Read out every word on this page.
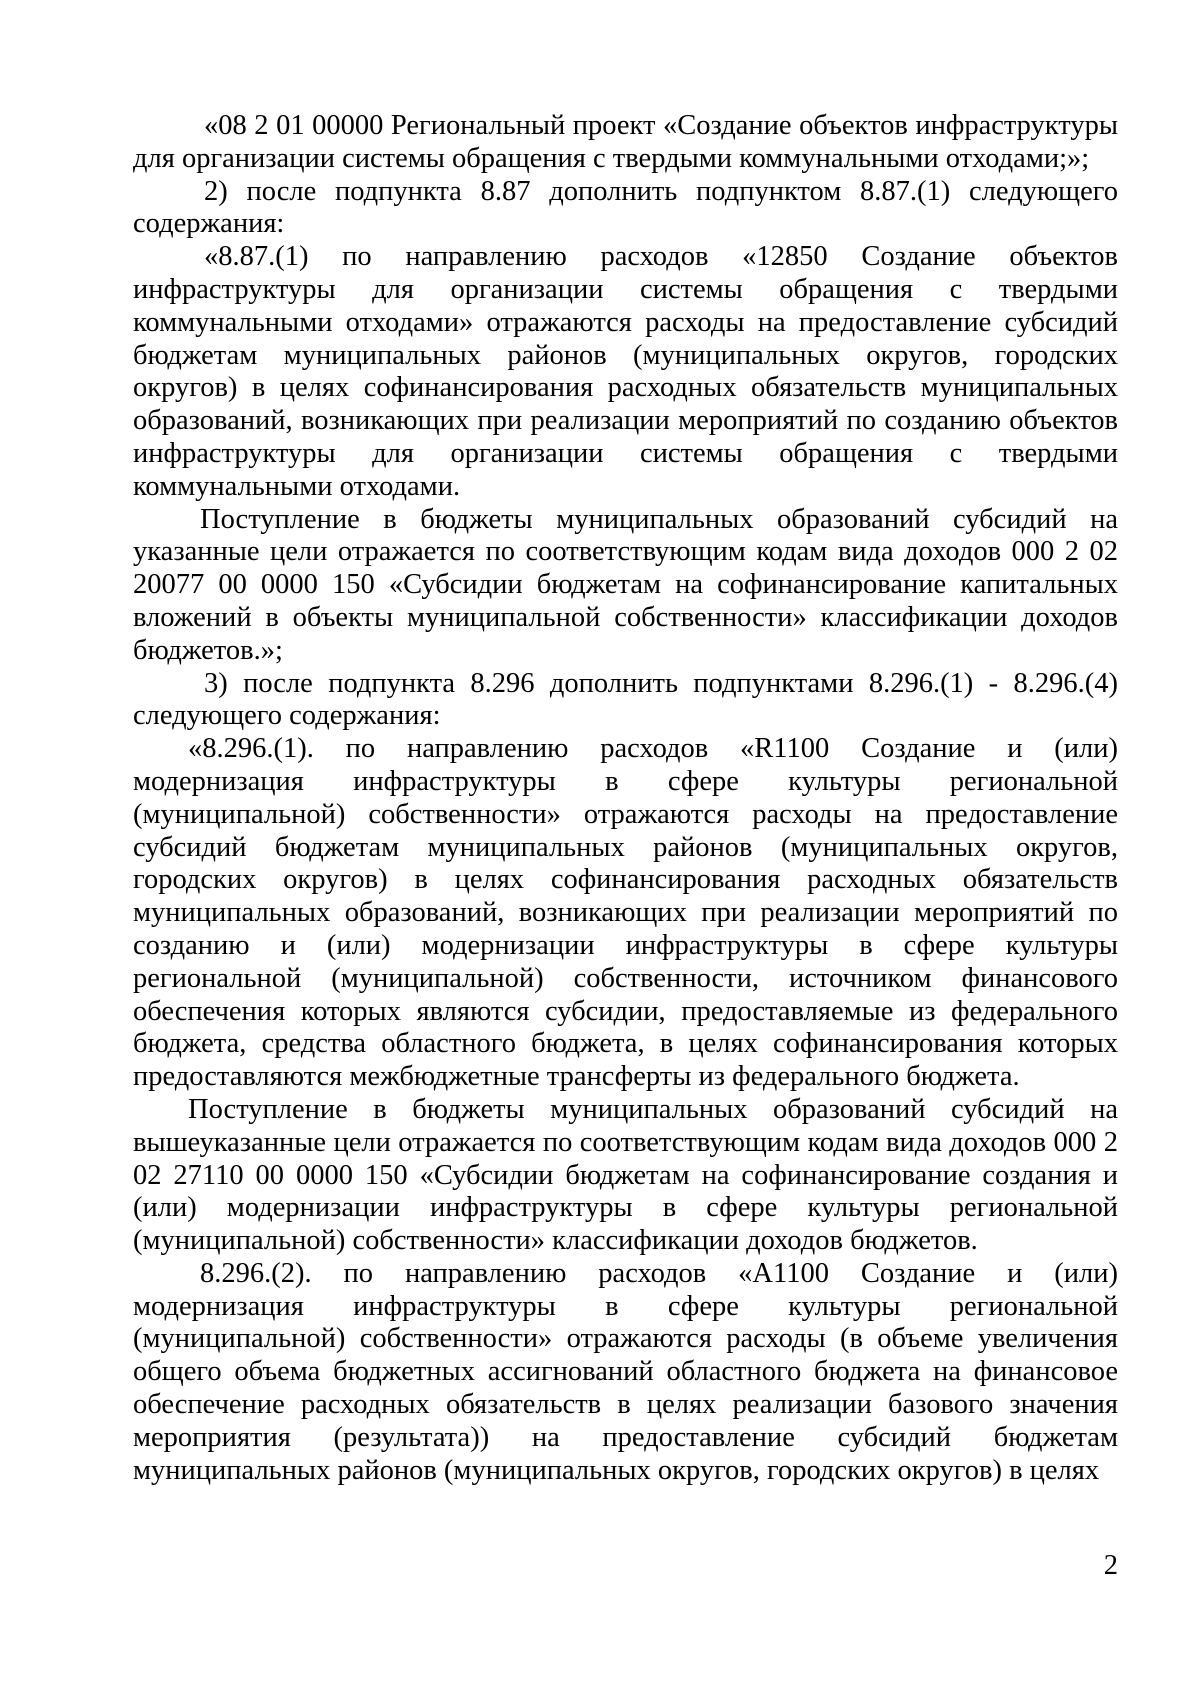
«08 2 01 00000 Региональный проект «Создание объектов инфраструктуры для организации системы обращения с твердыми коммунальными отходами;»;

2) после подпункта 8.87 дополнить подпунктом 8.87.(1) следующего содержания:

«8.87.(1) по направлению расходов «12850 Создание объектов инфраструктуры для организации системы обращения с твердыми коммунальными отходами» отражаются расходы на предоставление субсидий бюджетам муниципальных районов (муниципальных округов, городских округов) в целях софинансирования расходных обязательств муниципальных образований, возникающих при реализации мероприятий по созданию объектов инфраструктуры для организации системы обращения с твердыми коммунальными отходами.

Поступление в бюджеты муниципальных образований субсидий на указанные цели отражается по соответствующим кодам вида доходов 000 2 02 20077 00 0000 150 «Субсидии бюджетам на софинансирование капитальных вложений в объекты муниципальной собственности» классификации доходов бюджетов.»;

3) после подпункта 8.296 дополнить подпунктами 8.296.(1) - 8.296.(4) следующего содержания:

«8.296.(1). по направлению расходов «R1100 Создание и (или) модернизация инфраструктуры в сфере культуры региональной (муниципальной) собственности» отражаются расходы на предоставление субсидий бюджетам муниципальных районов (муниципальных округов, городских округов) в целях софинансирования расходных обязательств муниципальных образований, возникающих при реализации мероприятий по созданию и (или) модернизации инфраструктуры в сфере культуры региональной (муниципальной) собственности, источником финансового обеспечения которых являются субсидии, предоставляемые из федерального бюджета, средства областного бюджета, в целях софинансирования которых предоставляются межбюджетные трансферты из федерального бюджета.

Поступление в бюджеты муниципальных образований субсидий на вышеуказанные цели отражается по соответствующим кодам вида доходов 000 2 02 27110 00 0000 150 «Субсидии бюджетам на софинансирование создания и (или) модернизации инфраструктуры в сфере культуры региональной (муниципальной) собственности» классификации доходов бюджетов.

8.296.(2). по направлению расходов «А1100 Создание и (или) модернизация инфраструктуры в сфере культуры региональной (муниципальной) собственности» отражаются расходы (в объеме увеличения общего объема бюджетных ассигнований областного бюджета на финансовое обеспечение расходных обязательств в целях реализации базового значения мероприятия (результата)) на предоставление субсидий бюджетам муниципальных районов (муниципальных округов, городских округов) в целях

2
